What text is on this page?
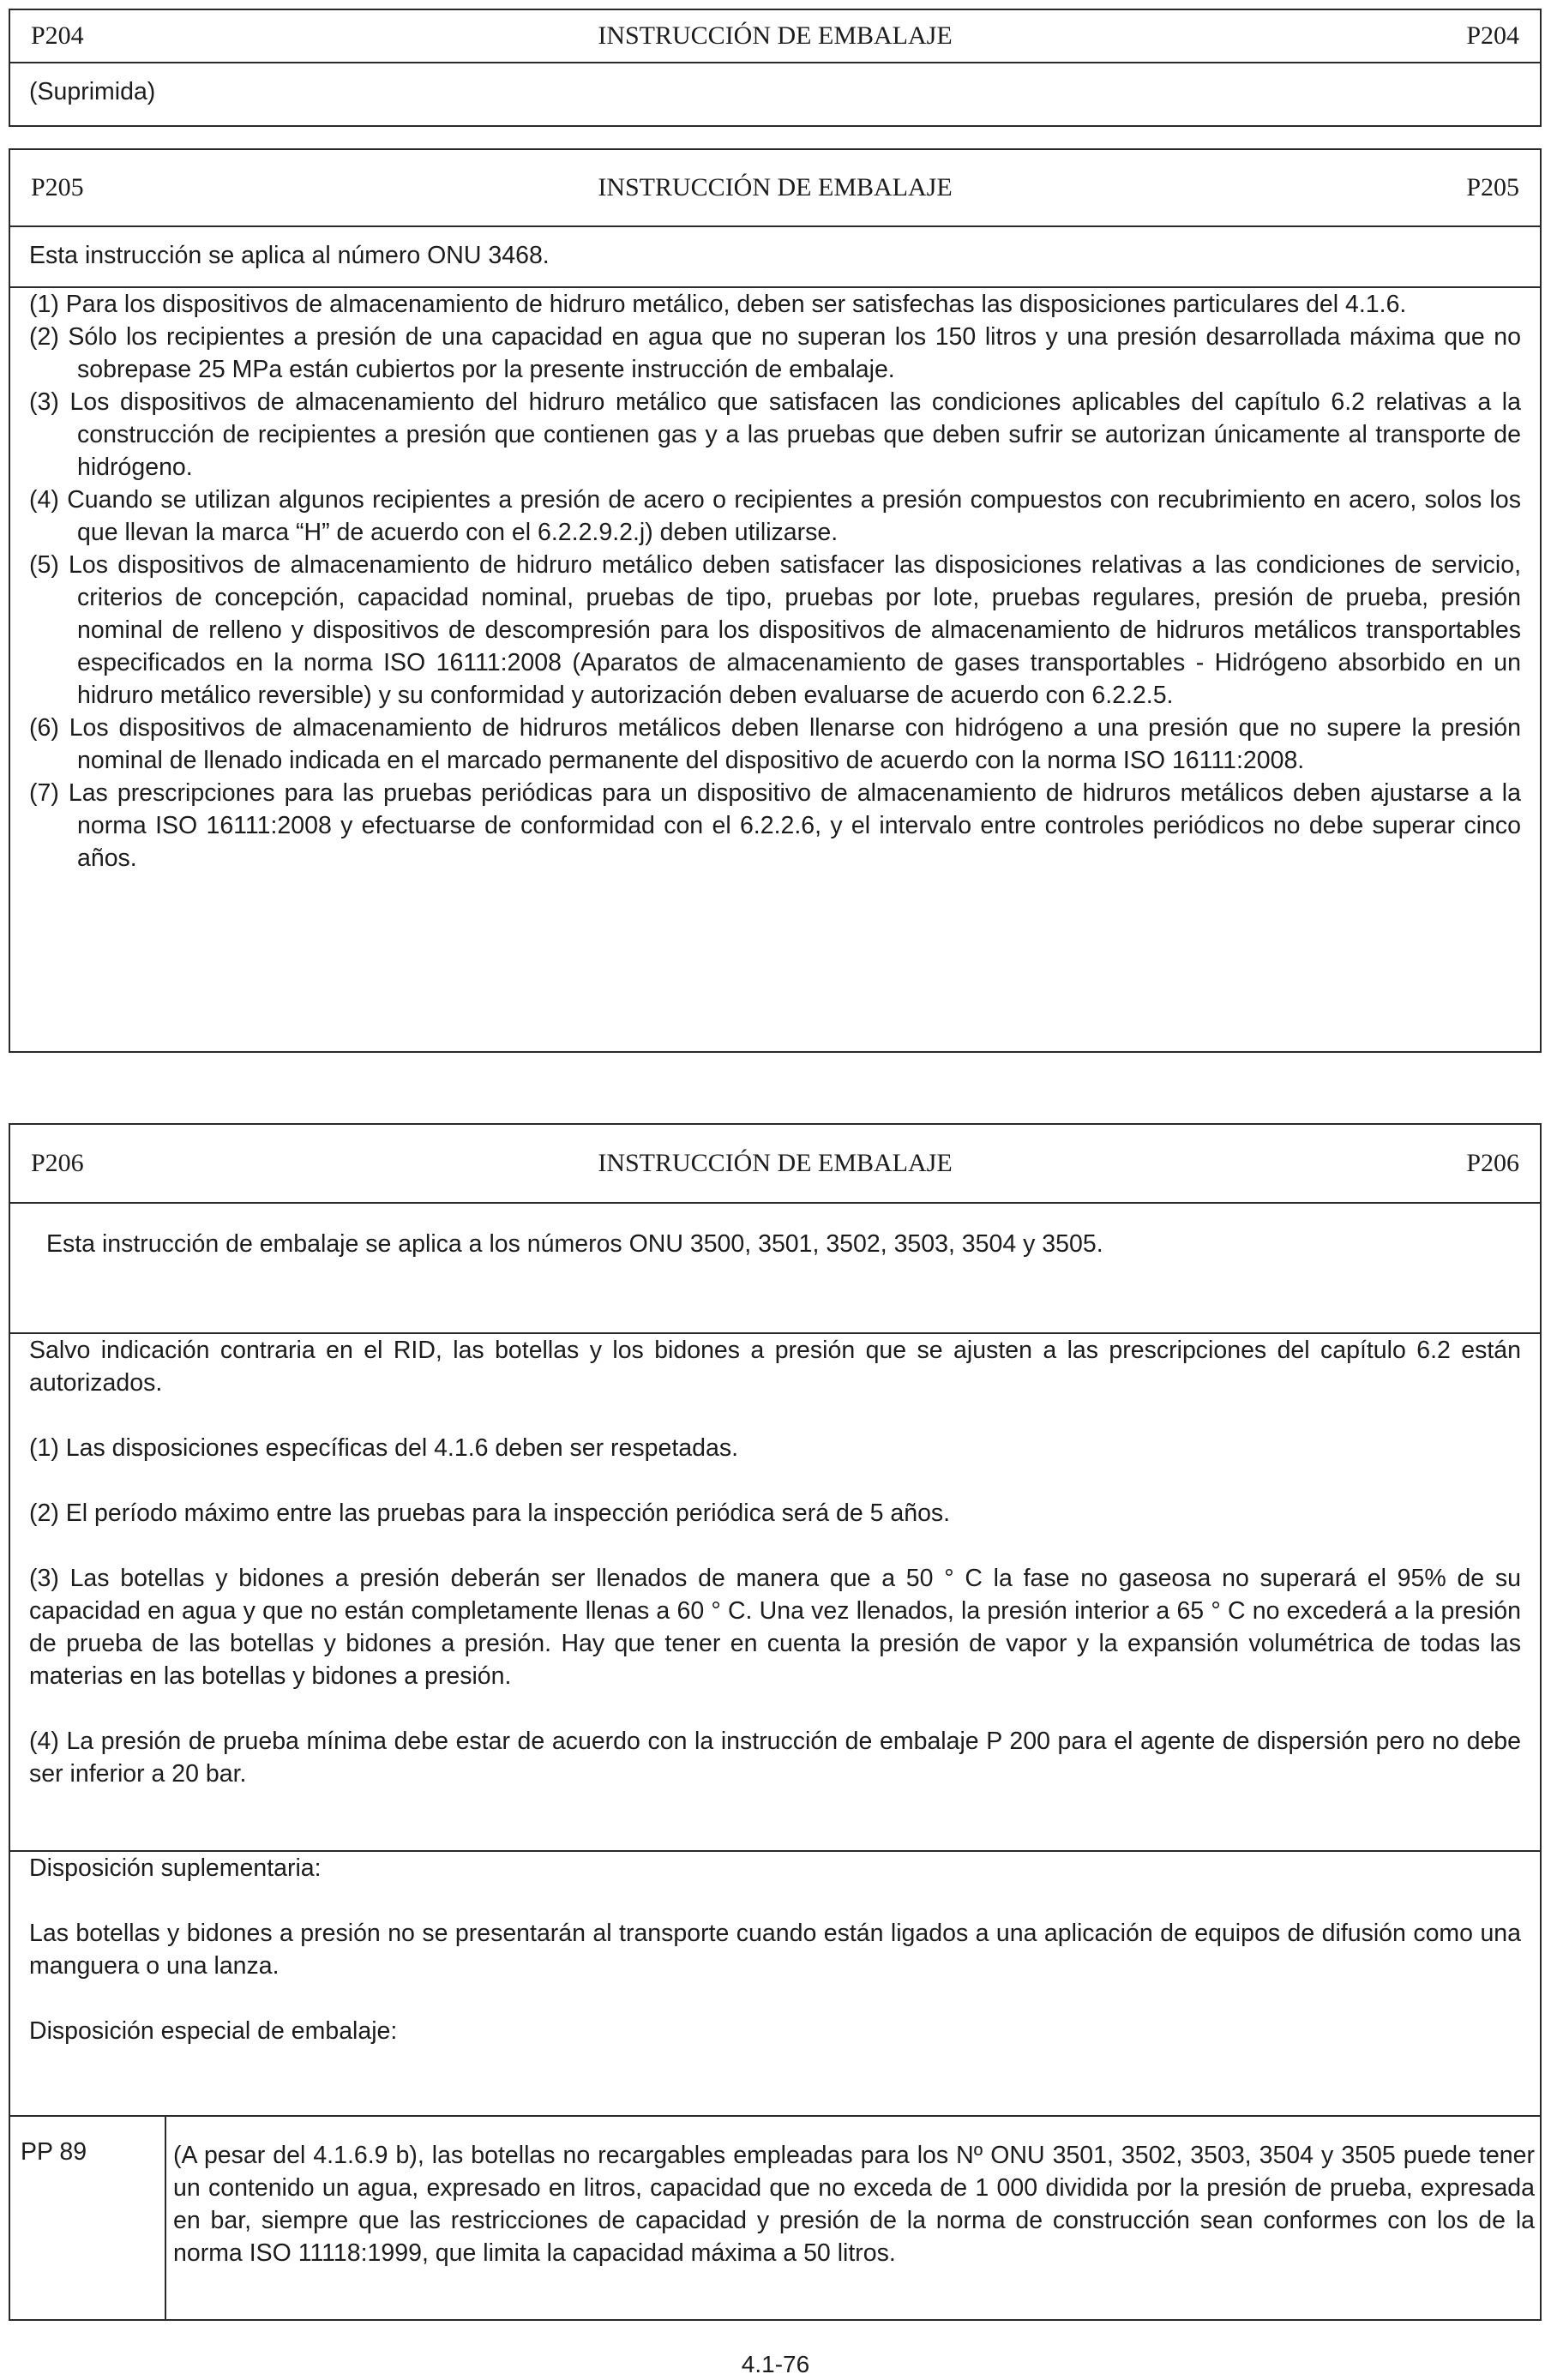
P204	INSTRUCCIÓN DE EMBALAJE	P204
(Suprimida)
P205	INSTRUCCIÓN DE EMBALAJE	P205
Esta instrucción se aplica al número ONU 3468.
(1) Para los dispositivos de almacenamiento de hidruro metálico, deben ser satisfechas las disposiciones particulares del 4.1.6.
(2) Sólo los recipientes a presión de una capacidad en agua que no superan los 150 litros y una presión desarrollada máxima que no sobrepase 25 MPa están cubiertos por la presente instrucción de embalaje.
(3) Los dispositivos de almacenamiento del hidruro metálico que satisfacen las condiciones aplicables del capítulo 6.2 relativas a la construcción de recipientes a presión que contienen gas y a las pruebas que deben sufrir se autorizan únicamente al transporte de hidrógeno.
(4) Cuando se utilizan algunos recipientes a presión de acero o recipientes a presión compuestos con recubrimiento en acero, solos los que llevan la marca “H” de acuerdo con el 6.2.2.9.2.j) deben utilizarse.
(5) Los dispositivos de almacenamiento de hidruro metálico deben satisfacer las disposiciones relativas a las condiciones de servicio, criterios de concepción, capacidad nominal, pruebas de tipo, pruebas por lote, pruebas regulares, presión de prueba, presión nominal de relleno y dispositivos de descompresión para los dispositivos de almacenamiento de hidruros metálicos transportables especificados en la norma ISO 16111:2008 (Aparatos de almacenamiento de gases transportables - Hidrógeno absorbido en un hidruro metálico reversible) y su conformidad y autorización deben evaluarse de acuerdo con 6.2.2.5.
(6) Los dispositivos de almacenamiento de hidruros metálicos deben llenarse con hidrógeno a una presión que no supere la presión nominal de llenado indicada en el marcado permanente del dispositivo de acuerdo con la norma ISO 16111:2008.
(7) Las prescripciones para las pruebas periódicas para un dispositivo de almacenamiento de hidruros metálicos deben ajustarse a la norma ISO 16111:2008 y efectuarse de conformidad con el 6.2.2.6, y el intervalo entre controles periódicos no debe superar cinco años.
P206	INSTRUCCIÓN DE EMBALAJE	P206
Esta instrucción de embalaje se aplica a los números ONU 3500, 3501, 3502, 3503, 3504 y 3505.
Salvo indicación contraria en el RID, las botellas y los bidones a presión que se ajusten a las prescripciones del capítulo 6.2 están autorizados.
(1) Las disposiciones específicas del 4.1.6 deben ser respetadas.
(2) El período máximo entre las pruebas para la inspección periódica será de 5 años.
(3) Las botellas y bidones a presión deberán ser llenados de manera que a 50 ° C la fase no gaseosa no superará el 95% de su capacidad en agua y que no están completamente llenas a 60 ° C. Una vez llenados, la presión interior a 65 ° C no excederá a la presión de prueba de las botellas y bidones a presión. Hay que tener en cuenta la presión de vapor y la expansión volumétrica de todas las materias en las botellas y bidones a presión.
(4) La presión de prueba mínima debe estar de acuerdo con la instrucción de embalaje P 200 para el agente de dispersión pero no debe ser inferior a 20 bar.
Disposición suplementaria:
Las botellas y bidones a presión no se presentarán al transporte cuando están ligados a una aplicación de equipos de difusión como una manguera o una lanza.
Disposición especial de embalaje:
PP 89	(A pesar del 4.1.6.9 b), las botellas no recargables empleadas para los Nº ONU 3501, 3502, 3503, 3504 y 3505 puede tener un contenido un agua, expresado en litros, capacidad que no exceda de 1 000 dividida por la presión de prueba, expresada en bar, siempre que las restricciones de capacidad y presión de la norma de construcción sean conformes con los de la norma ISO 11118:1999, que limita la capacidad máxima a 50 litros.
4.1-76
